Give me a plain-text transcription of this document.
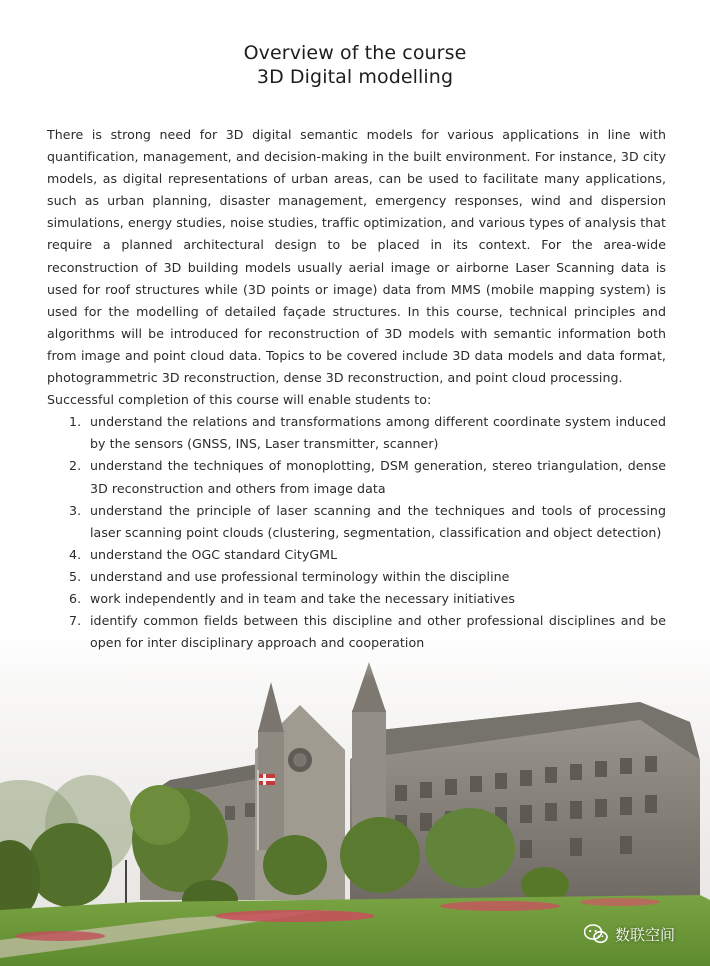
Overview of the course
3D Digital modelling

There is strong need for 3D digital semantic models for various applications in line with quantification, management, and decision-making in the built environment. For instance, 3D city models, as digital representations of urban areas, can be used to facilitate many applications, such as urban planning, disaster management, emergency responses, wind and dispersion simulations, energy studies, noise studies, traffic optimization, and various types of analysis that require a planned architectural design to be placed in its context. For the area-wide reconstruction of 3D building models usually aerial image or airborne Laser Scanning data is used for roof structures while (3D points or image) data from MMS (mobile mapping system) is used for the modelling of detailed façade structures. In this course, technical principles and algorithms will be introduced for reconstruction of 3D models with semantic information both from image and point cloud data. Topics to be covered include 3D data models and data format, photogrammetric 3D reconstruction, dense 3D reconstruction, and point cloud processing.

Successful completion of this course will enable students to:

1. understand the relations and transformations among different coordinate system induced by the sensors (GNSS, INS, Laser transmitter, scanner)
2. understand the techniques of monoplotting, DSM generation, stereo triangulation, dense 3D reconstruction and others from image data
3. understand the principle of laser scanning and the techniques and tools of processing laser scanning point clouds (clustering, segmentation, classification and object detection)
4. understand the OGC standard CityGML
5. understand and use professional terminology within the discipline
6. work independently and in team and take the necessary initiatives
7. identify common fields between this discipline and other professional disciplines and be open for inter disciplinary approach and cooperation
数联空间
